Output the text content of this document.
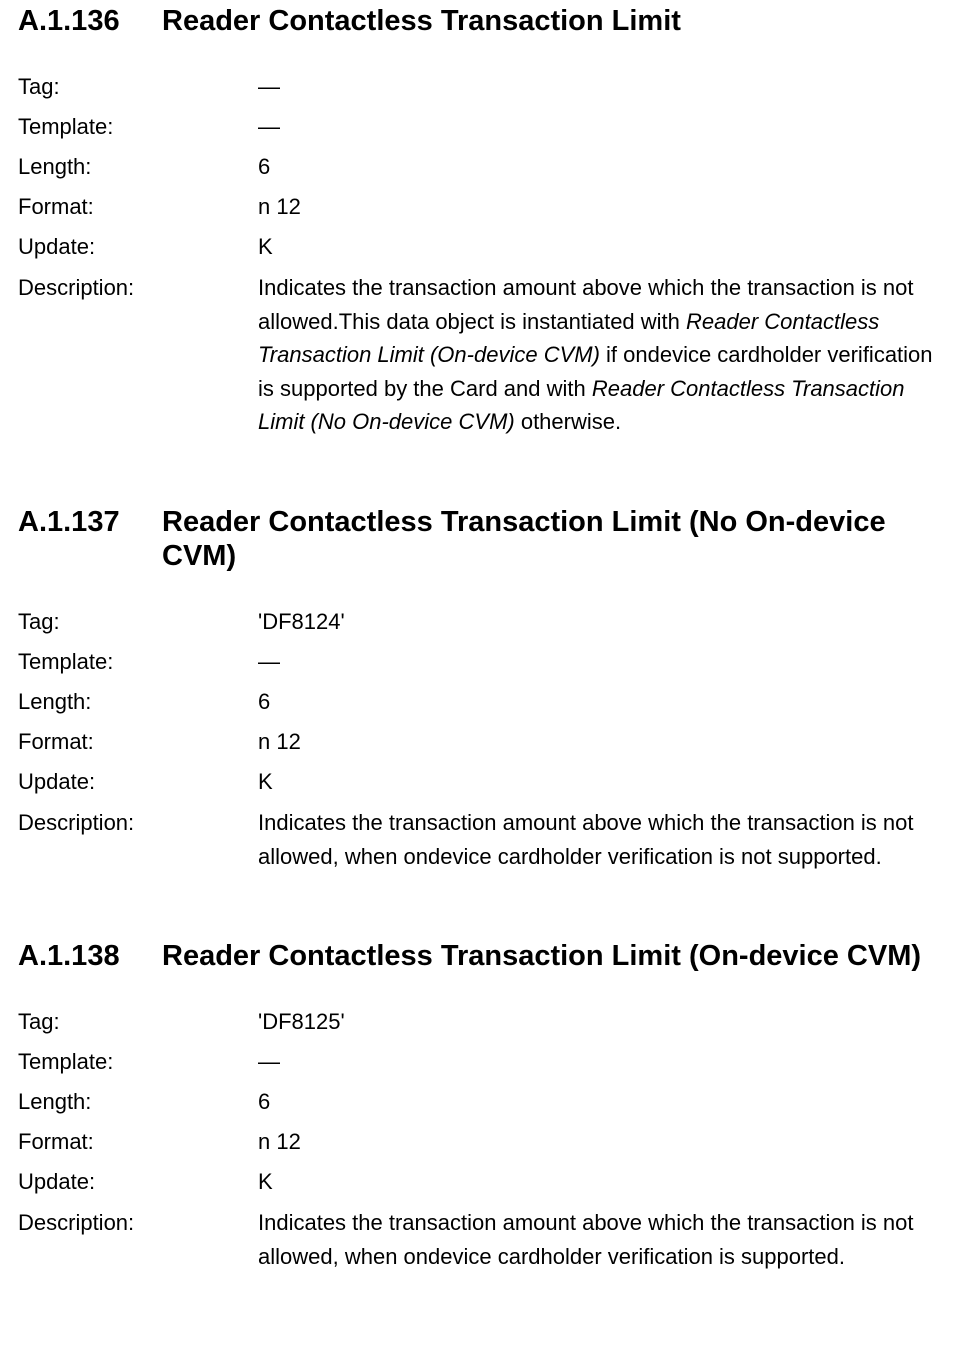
A.1.136 Reader Contactless Transaction Limit
Tag:	—
Template:	—
Length:	6
Format:	n 12
Update:	K
Description:	Indicates the transaction amount above which the transaction is not allowed.This data object is instantiated with Reader Contactless Transaction Limit (On-device CVM) if ondevice cardholder verification is supported by the Card and with Reader Contactless Transaction Limit (No On-device CVM) otherwise.
A.1.137 Reader Contactless Transaction Limit (No On-device CVM)
Tag:	'DF8124'
Template:	—
Length:	6
Format:	n 12
Update:	K
Description:	Indicates the transaction amount above which the transaction is not allowed, when ondevice cardholder verification is not supported.
A.1.138 Reader Contactless Transaction Limit (On-device CVM)
Tag:	'DF8125'
Template:	—
Length:	6
Format:	n 12
Update:	K
Description:	Indicates the transaction amount above which the transaction is not allowed, when ondevice cardholder verification is supported.
